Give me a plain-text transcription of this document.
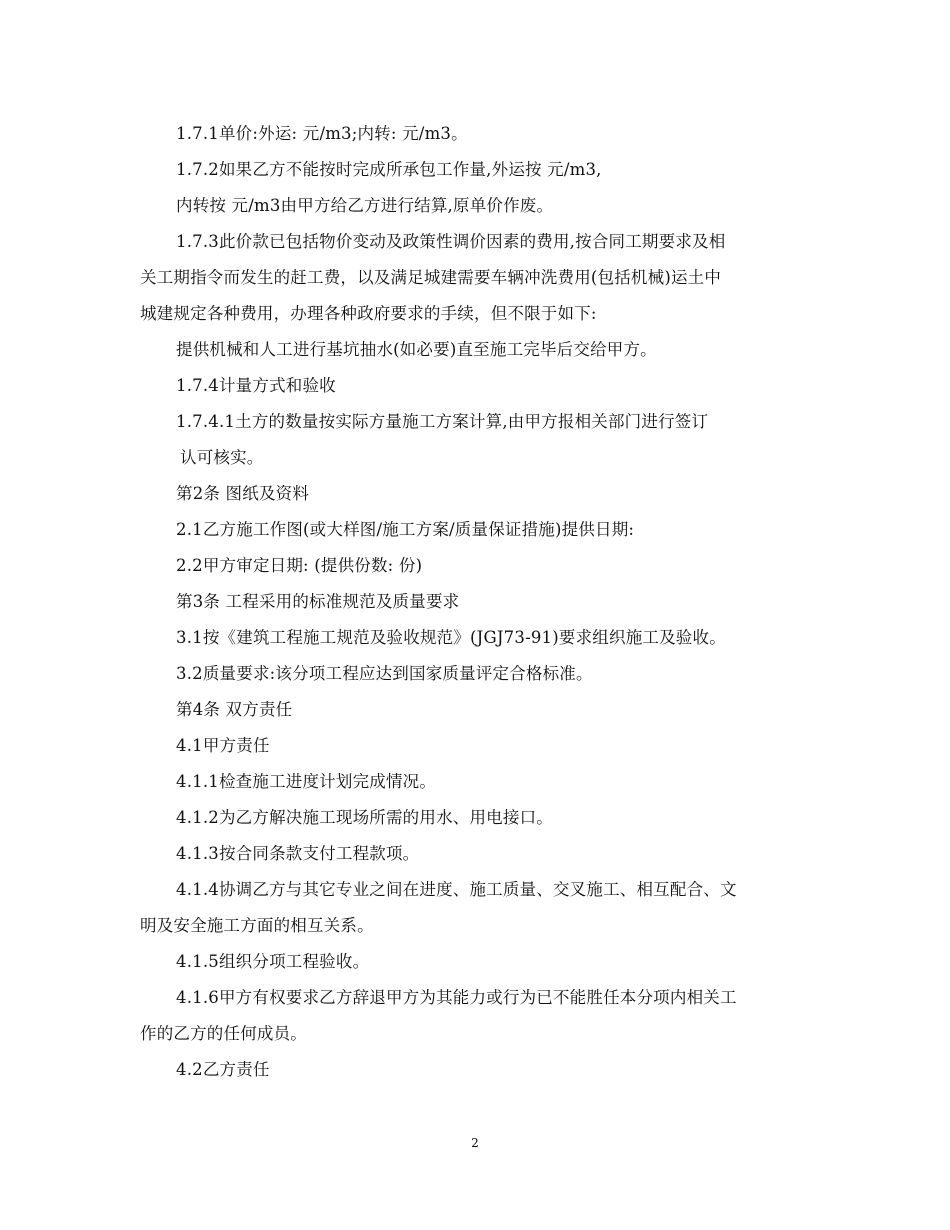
1.7.1单价:外运: 元/m3;内转: 元/m3。
1.7.2如果乙方不能按时完成所承包工作量,外运按 元/m3,
内转按 元/m3由甲方给乙方进行结算,原单价作废。
1.7.3此价款已包括物价变动及政策性调价因素的费用,按合同工期要求及相
关工期指令而发生的赶工费，以及满足城建需要车辆冲洗费用(包括机械)运土中
城建规定各种费用，办理各种政府要求的手续，但不限于如下:
提供机械和人工进行基坑抽水(如必要)直至施工完毕后交给甲方。
1.7.4计量方式和验收
1.7.4.1土方的数量按实际方量施工方案计算,由甲方报相关部门进行签订
认可核实。
第2条 图纸及资料
2.1乙方施工作图(或大样图/施工方案/质量保证措施)提供日期:
2.2甲方审定日期: (提供份数: 份)
第3条 工程采用的标准规范及质量要求
3.1按《建筑工程施工规范及验收规范》(JGJ73-91)要求组织施工及验收。
3.2质量要求:该分项工程应达到国家质量评定合格标准。
第4条 双方责任
4.1甲方责任
4.1.1检查施工进度计划完成情况。
4.1.2为乙方解决施工现场所需的用水、用电接口。
4.1.3按合同条款支付工程款项。
4.1.4协调乙方与其它专业之间在进度、施工质量、交叉施工、相互配合、文
明及安全施工方面的相互关系。
4.1.5组织分项工程验收。
4.1.6甲方有权要求乙方辞退甲方为其能力或行为已不能胜任本分项内相关工
作的乙方的任何成员。
4.2乙方责任
2
